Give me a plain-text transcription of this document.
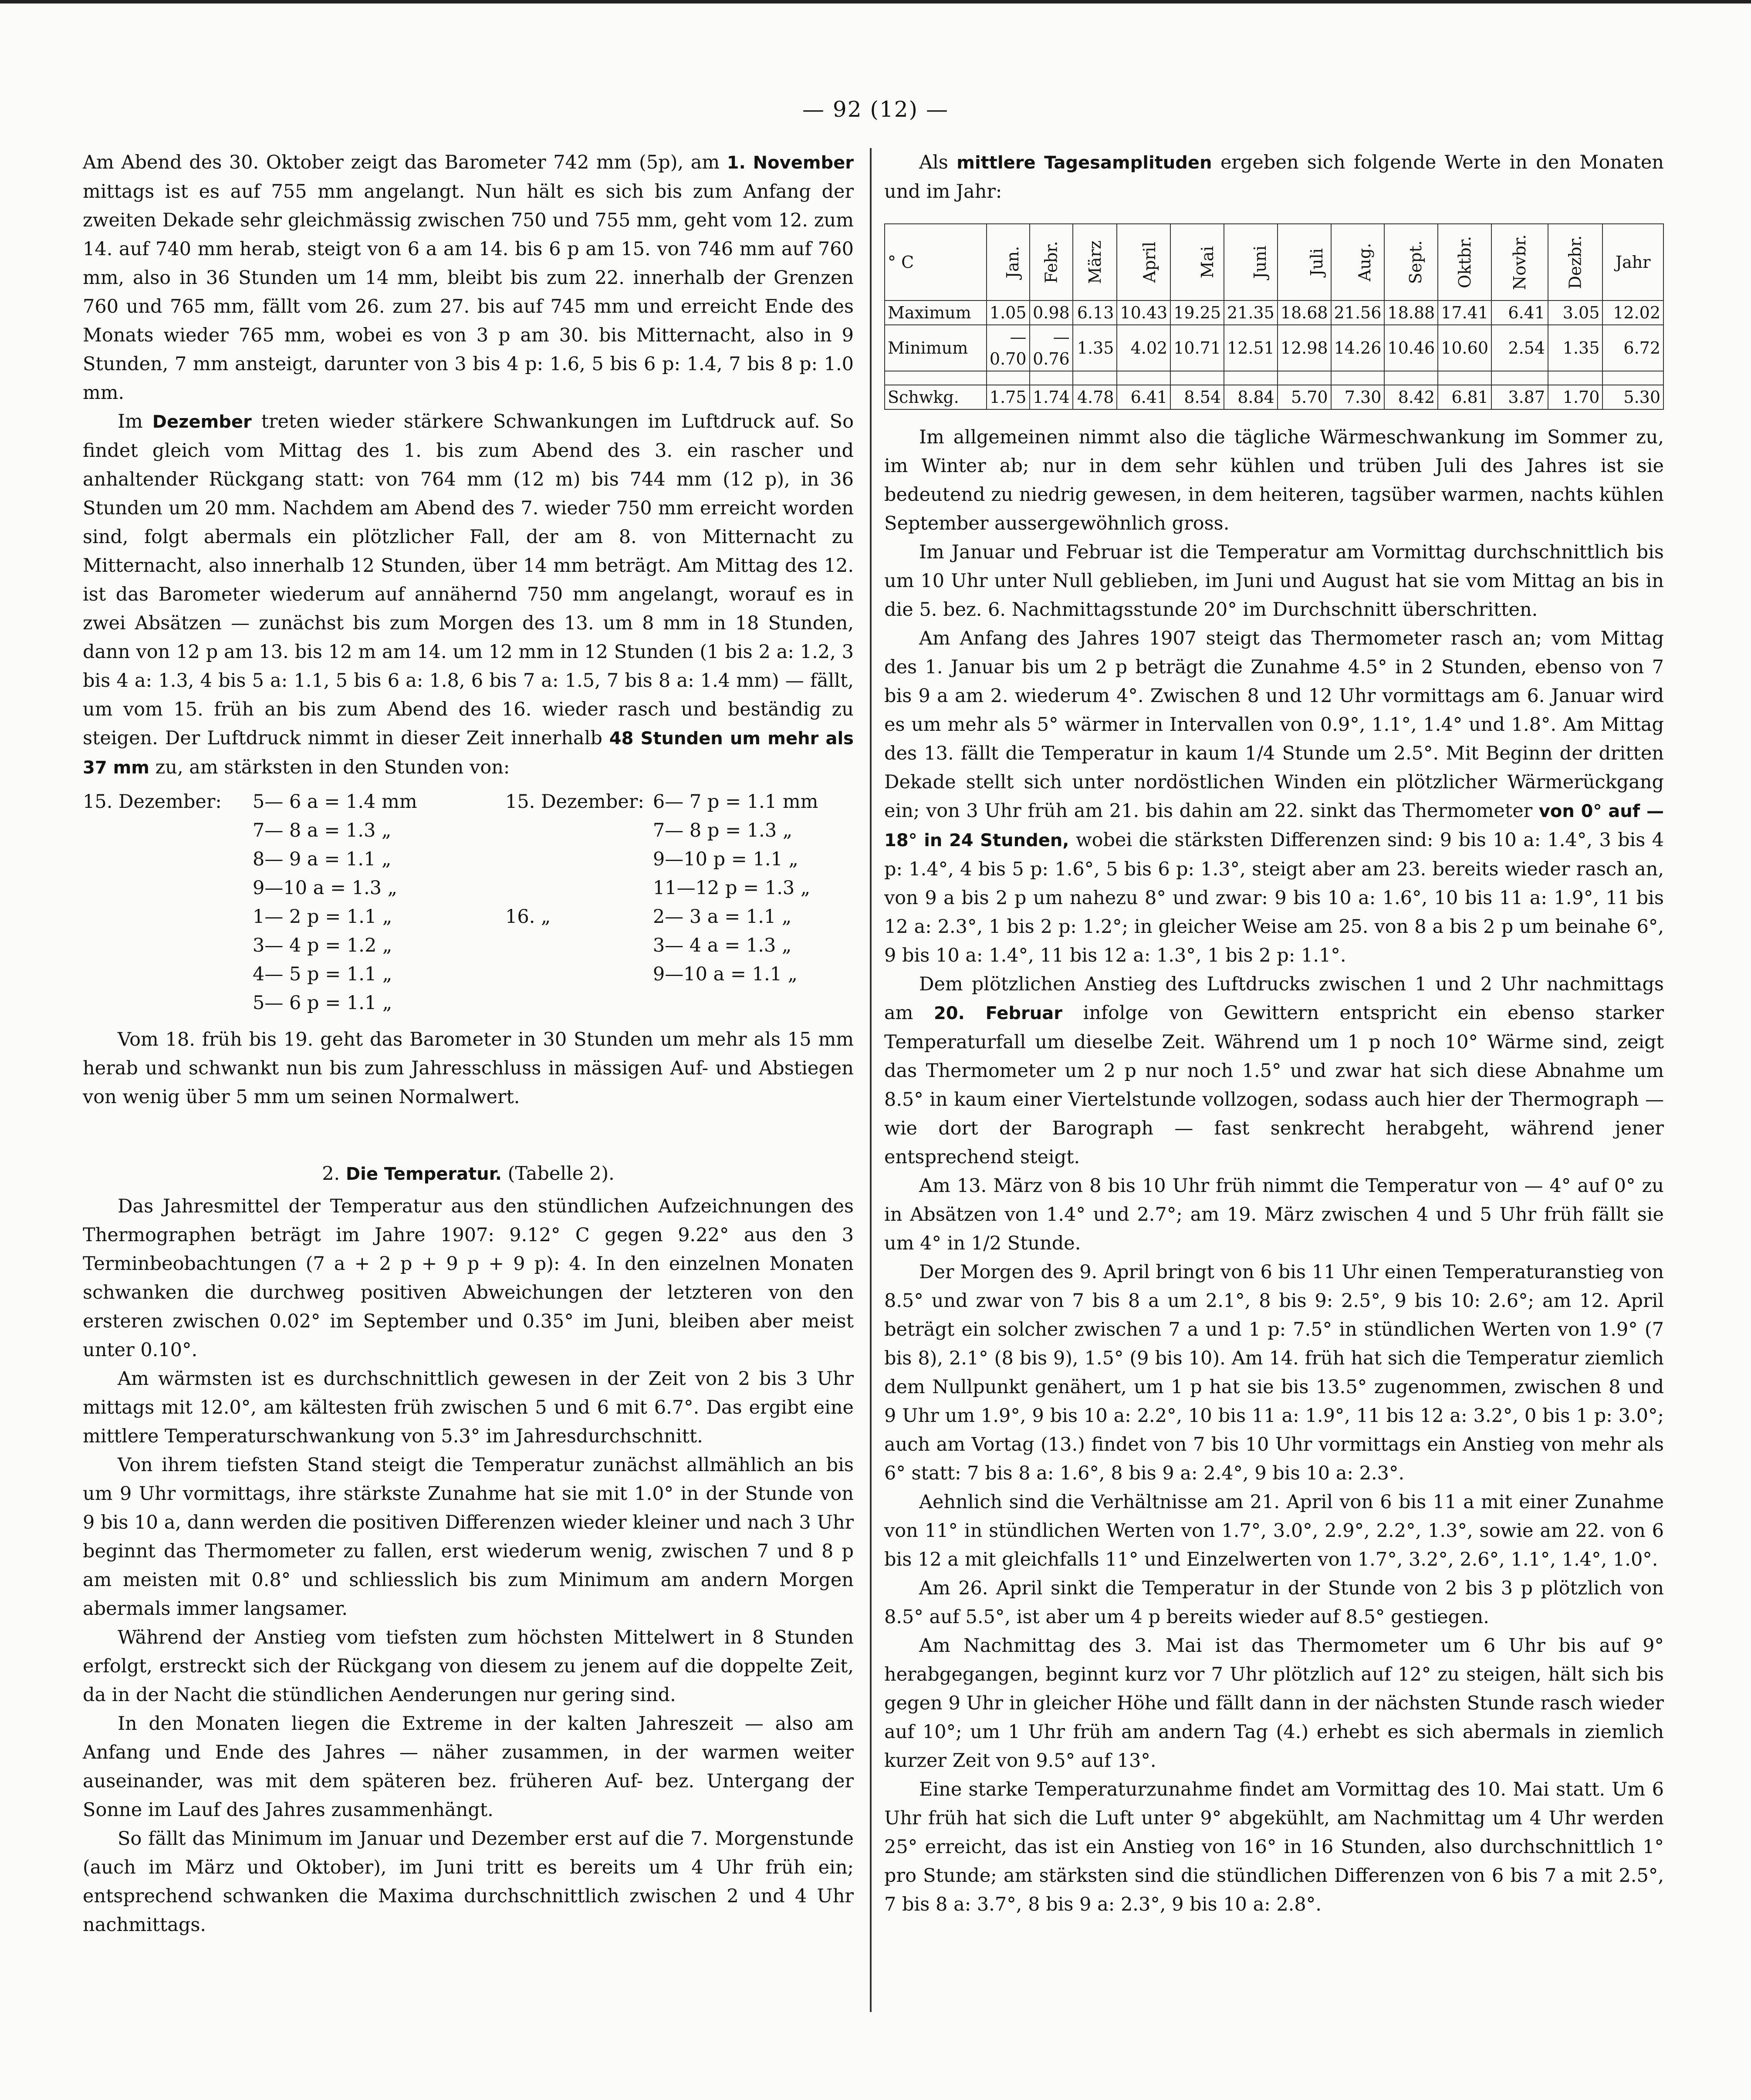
— 92 (12) —

Am Abend des 30. Oktober zeigt das Barometer 742 mm (5p), am 1. November mittags ist es auf 755 mm angelangt. Nun hält es sich bis zum Anfang der zweiten Dekade sehr gleichmässig zwischen 750 und 755 mm, geht vom 12. zum 14. auf 740 mm herab, steigt von 6 a am 14. bis 6 p am 15. von 746 mm auf 760 mm, also in 36 Stunden um 14 mm, bleibt bis zum 22. innerhalb der Grenzen 760 und 765 mm, fällt vom 26. zum 27. bis auf 745 mm und erreicht Ende des Monats wieder 765 mm, wobei es von 3 p am 30. bis Mitternacht, also in 9 Stunden, 7 mm ansteigt, darunter von 3 bis 4 p: 1.6, 5 bis 6 p: 1.4, 7 bis 8 p: 1.0 mm.

Im Dezember treten wieder stärkere Schwankungen im Luftdruck auf. So findet gleich vom Mittag des 1. bis zum Abend des 3. ein rascher und anhaltender Rückgang statt: von 764 mm (12 m) bis 744 mm (12 p), in 36 Stunden um 20 mm. Nachdem am Abend des 7. wieder 750 mm erreicht worden sind, folgt abermals ein plötzlicher Fall, der am 8. von Mitternacht zu Mitternacht, also innerhalb 12 Stunden, über 14 mm beträgt. Am Mittag des 12. ist das Barometer wiederum auf annähernd 750 mm angelangt, worauf es in zwei Absätzen — zunächst bis zum Morgen des 13. um 8 mm in 18 Stunden, dann von 12 p am 13. bis 12 m am 14. um 12 mm in 12 Stunden (1 bis 2 a: 1.2, 3 bis 4 a: 1.3, 4 bis 5 a: 1.1, 5 bis 6 a: 1.8, 6 bis 7 a: 1.5, 7 bis 8 a: 1.4 mm) — fällt, um vom 15. früh an bis zum Abend des 16. wieder rasch und beständig zu steigen. Der Luftdruck nimmt in dieser Zeit innerhalb 48 Stunden um mehr als 37 mm zu, am stärksten in den Stunden von:

15. Dezember:	5— 6 a = 1.4 mm	15. Dezember:	6— 7 p = 1.1 mm
	7— 8 a = 1.3 „		7— 8 p = 1.3 „
	8— 9 a = 1.1 „		9—10 p = 1.1 „
	9—10 a = 1.3 „		11—12 p = 1.3 „
	1— 2 p = 1.1 „	16. „	2— 3 a = 1.1 „
	3— 4 p = 1.2 „		3— 4 a = 1.3 „
	4— 5 p = 1.1 „		9—10 a = 1.1 „
	5— 6 p = 1.1 „		

Vom 18. früh bis 19. geht das Barometer in 30 Stunden um mehr als 15 mm herab und schwankt nun bis zum Jahresschluss in mässigen Auf- und Abstiegen von wenig über 5 mm um seinen Normalwert.

2. Die Temperatur. (Tabelle 2).

Das Jahresmittel der Temperatur aus den stündlichen Aufzeichnungen des Thermographen beträgt im Jahre 1907: 9.12° C gegen 9.22° aus den 3 Terminbeobachtungen (7 a + 2 p + 9 p + 9 p): 4. In den einzelnen Monaten schwanken die durchweg positiven Abweichungen der letzteren von den ersteren zwischen 0.02° im September und 0.35° im Juni, bleiben aber meist unter 0.10°.

Am wärmsten ist es durchschnittlich gewesen in der Zeit von 2 bis 3 Uhr mittags mit 12.0°, am kältesten früh zwischen 5 und 6 mit 6.7°. Das ergibt eine mittlere Temperaturschwankung von 5.3° im Jahresdurchschnitt.

Von ihrem tiefsten Stand steigt die Temperatur zunächst allmählich an bis um 9 Uhr vormittags, ihre stärkste Zunahme hat sie mit 1.0° in der Stunde von 9 bis 10 a, dann werden die positiven Differenzen wieder kleiner und nach 3 Uhr beginnt das Thermometer zu fallen, erst wiederum wenig, zwischen 7 und 8 p am meisten mit 0.8° und schliesslich bis zum Minimum am andern Morgen abermals immer langsamer.

Während der Anstieg vom tiefsten zum höchsten Mittelwert in 8 Stunden erfolgt, erstreckt sich der Rückgang von diesem zu jenem auf die doppelte Zeit, da in der Nacht die stündlichen Aenderungen nur gering sind.

In den Monaten liegen die Extreme in der kalten Jahreszeit — also am Anfang und Ende des Jahres — näher zusammen, in der warmen weiter auseinander, was mit dem späteren bez. früheren Auf- bez. Untergang der Sonne im Lauf des Jahres zusammenhängt.

So fällt das Minimum im Januar und Dezember erst auf die 7. Morgenstunde (auch im März und Oktober), im Juni tritt es bereits um 4 Uhr früh ein; entsprechend schwanken die Maxima durchschnittlich zwischen 2 und 4 Uhr nachmittags.

Als mittlere Tagesamplituden ergeben sich folgende Werte in den Monaten und im Jahr:

° C	Jan.	Febr.	März	April	Mai	Juni	Juli	Aug.	Sept.	Oktbr.	Novbr.	Dezbr.	Jahr
Maximum	1.05	0.98	6.13	10.43	19.25	21.35	18.68	21.56	18.88	17.41	6.41	3.05	12.02
Minimum	—0.70	—0.76	1.35	4.02	10.71	12.51	12.98	14.26	10.46	10.60	2.54	1.35	6.72

Schwkg.	1.75	1.74	4.78	6.41	8.54	8.84	5.70	7.30	8.42	6.81	3.87	1.70	5.30

Im allgemeinen nimmt also die tägliche Wärmeschwankung im Sommer zu, im Winter ab; nur in dem sehr kühlen und trüben Juli des Jahres ist sie bedeutend zu niedrig gewesen, in dem heiteren, tagsüber warmen, nachts kühlen September aussergewöhnlich gross.

Im Januar und Februar ist die Temperatur am Vormittag durchschnittlich bis um 10 Uhr unter Null geblieben, im Juni und August hat sie vom Mittag an bis in die 5. bez. 6. Nachmittagsstunde 20° im Durchschnitt überschritten.

Am Anfang des Jahres 1907 steigt das Thermometer rasch an; vom Mittag des 1. Januar bis um 2 p beträgt die Zunahme 4.5° in 2 Stunden, ebenso von 7 bis 9 a am 2. wiederum 4°. Zwischen 8 und 12 Uhr vormittags am 6. Januar wird es um mehr als 5° wärmer in Intervallen von 0.9°, 1.1°, 1.4° und 1.8°. Am Mittag des 13. fällt die Temperatur in kaum 1/4 Stunde um 2.5°. Mit Beginn der dritten Dekade stellt sich unter nordöstlichen Winden ein plötzlicher Wärmerückgang ein; von 3 Uhr früh am 21. bis dahin am 22. sinkt das Thermometer von 0° auf —18° in 24 Stunden, wobei die stärksten Differenzen sind: 9 bis 10 a: 1.4°, 3 bis 4 p: 1.4°, 4 bis 5 p: 1.6°, 5 bis 6 p: 1.3°, steigt aber am 23. bereits wieder rasch an, von 9 a bis 2 p um nahezu 8° und zwar: 9 bis 10 a: 1.6°, 10 bis 11 a: 1.9°, 11 bis 12 a: 2.3°, 1 bis 2 p: 1.2°; in gleicher Weise am 25. von 8 a bis 2 p um beinahe 6°, 9 bis 10 a: 1.4°, 11 bis 12 a: 1.3°, 1 bis 2 p: 1.1°.

Dem plötzlichen Anstieg des Luftdrucks zwischen 1 und 2 Uhr nachmittags am 20. Februar infolge von Gewittern entspricht ein ebenso starker Temperaturfall um dieselbe Zeit. Während um 1 p noch 10° Wärme sind, zeigt das Thermometer um 2 p nur noch 1.5° und zwar hat sich diese Abnahme um 8.5° in kaum einer Viertelstunde vollzogen, sodass auch hier der Thermograph — wie dort der Barograph — fast senkrecht herabgeht, während jener entsprechend steigt.

Am 13. März von 8 bis 10 Uhr früh nimmt die Temperatur von — 4° auf 0° zu in Absätzen von 1.4° und 2.7°; am 19. März zwischen 4 und 5 Uhr früh fällt sie um 4° in 1/2 Stunde.

Der Morgen des 9. April bringt von 6 bis 11 Uhr einen Temperaturanstieg von 8.5° und zwar von 7 bis 8 a um 2.1°, 8 bis 9: 2.5°, 9 bis 10: 2.6°; am 12. April beträgt ein solcher zwischen 7 a und 1 p: 7.5° in stündlichen Werten von 1.9° (7 bis 8), 2.1° (8 bis 9), 1.5° (9 bis 10). Am 14. früh hat sich die Temperatur ziemlich dem Nullpunkt genähert, um 1 p hat sie bis 13.5° zugenommen, zwischen 8 und 9 Uhr um 1.9°, 9 bis 10 a: 2.2°, 10 bis 11 a: 1.9°, 11 bis 12 a: 3.2°, 0 bis 1 p: 3.0°; auch am Vortag (13.) findet von 7 bis 10 Uhr vormittags ein Anstieg von mehr als 6° statt: 7 bis 8 a: 1.6°, 8 bis 9 a: 2.4°, 9 bis 10 a: 2.3°.

Aehnlich sind die Verhältnisse am 21. April von 6 bis 11 a mit einer Zunahme von 11° in stündlichen Werten von 1.7°, 3.0°, 2.9°, 2.2°, 1.3°, sowie am 22. von 6 bis 12 a mit gleichfalls 11° und Einzelwerten von 1.7°, 3.2°, 2.6°, 1.1°, 1.4°, 1.0°.

Am 26. April sinkt die Temperatur in der Stunde von 2 bis 3 p plötzlich von 8.5° auf 5.5°, ist aber um 4 p bereits wieder auf 8.5° gestiegen.

Am Nachmittag des 3. Mai ist das Thermometer um 6 Uhr bis auf 9° herabgegangen, beginnt kurz vor 7 Uhr plötzlich auf 12° zu steigen, hält sich bis gegen 9 Uhr in gleicher Höhe und fällt dann in der nächsten Stunde rasch wieder auf 10°; um 1 Uhr früh am andern Tag (4.) erhebt es sich abermals in ziemlich kurzer Zeit von 9.5° auf 13°.

Eine starke Temperaturzunahme findet am Vormittag des 10. Mai statt. Um 6 Uhr früh hat sich die Luft unter 9° abgekühlt, am Nachmittag um 4 Uhr werden 25° erreicht, das ist ein Anstieg von 16° in 16 Stunden, also durchschnittlich 1° pro Stunde; am stärksten sind die stündlichen Differenzen von 6 bis 7 a mit 2.5°, 7 bis 8 a: 3.7°, 8 bis 9 a: 2.3°, 9 bis 10 a: 2.8°.
